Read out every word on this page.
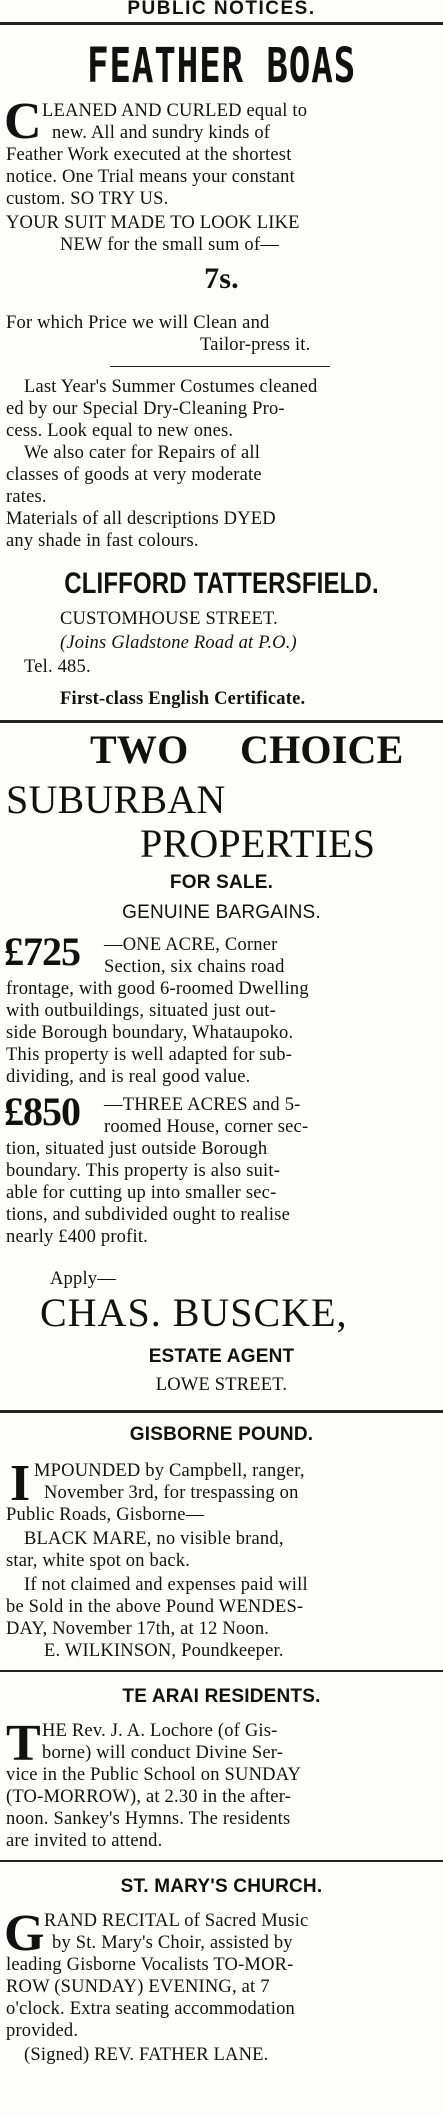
PUBLIC NOTICES.
FEATHER BOAS
C LEANED AND CURLED equal to
new. All and sundry kinds of
Feather Work executed at the shortest
notice. One Trial means your constant
custom. SO TRY US.
YOUR SUIT MADE TO LOOK LIKE
NEW for the small sum of—
7s.
For which Price we will Clean and
Tailor-press it.
Last Year's Summer Costumes cleaned
ed by our Special Dry-Cleaning Pro-
cess. Look equal to new ones.
We also cater for Repairs of all
classes of goods at very moderate
rates.
Materials of all descriptions DYED
any shade in fast colours.
CLIFFORD TATTERSFIELD.
CUSTOMHOUSE STREET.
(Joins Gladstone Road at P.O.)
Tel. 485.
First-class English Certificate.
TWO CHOICE
SUBURBAN
PROPERTIES
FOR SALE.
GENUINE BARGAINS.
£725 —ONE ACRE, Corner
Section, six chains road
frontage, with good 6-roomed Dwelling
with outbuildings, situated just out-
side Borough boundary, Whataupoko.
This property is well adapted for sub-
dividing, and is real good value.
£850 —THREE ACRES and 5-
roomed House, corner sec-
tion, situated just outside Borough
boundary. This property is also suit-
able for cutting up into smaller sec-
tions, and subdivided ought to realise
nearly £400 profit.
Apply—
CHAS. BUSCKE,
ESTATE AGENT
LOWE STREET.
GISBORNE POUND.
I MPOUNDED by Campbell, ranger,
November 3rd, for trespassing on
Public Roads, Gisborne—
BLACK MARE, no visible brand,
star, white spot on back.
If not claimed and expenses paid will
be Sold in the above Pound WENDES-
DAY, November 17th, at 12 Noon.
E. WILKINSON, Poundkeeper.
TE ARAI RESIDENTS.
T HE Rev. J. A. Lochore (of Gis-
borne) will conduct Divine Ser-
vice in the Public School on SUNDAY
(TO-MORROW), at 2.30 in the after-
noon. Sankey's Hymns. The residents
are invited to attend.
ST. MARY'S CHURCH.
G RAND RECITAL of Sacred Music
by St. Mary's Choir, assisted by
leading Gisborne Vocalists TO-MOR-
ROW (SUNDAY) EVENING, at 7
o'clock. Extra seating accommodation
provided.
(Signed) REV. FATHER LANE.
